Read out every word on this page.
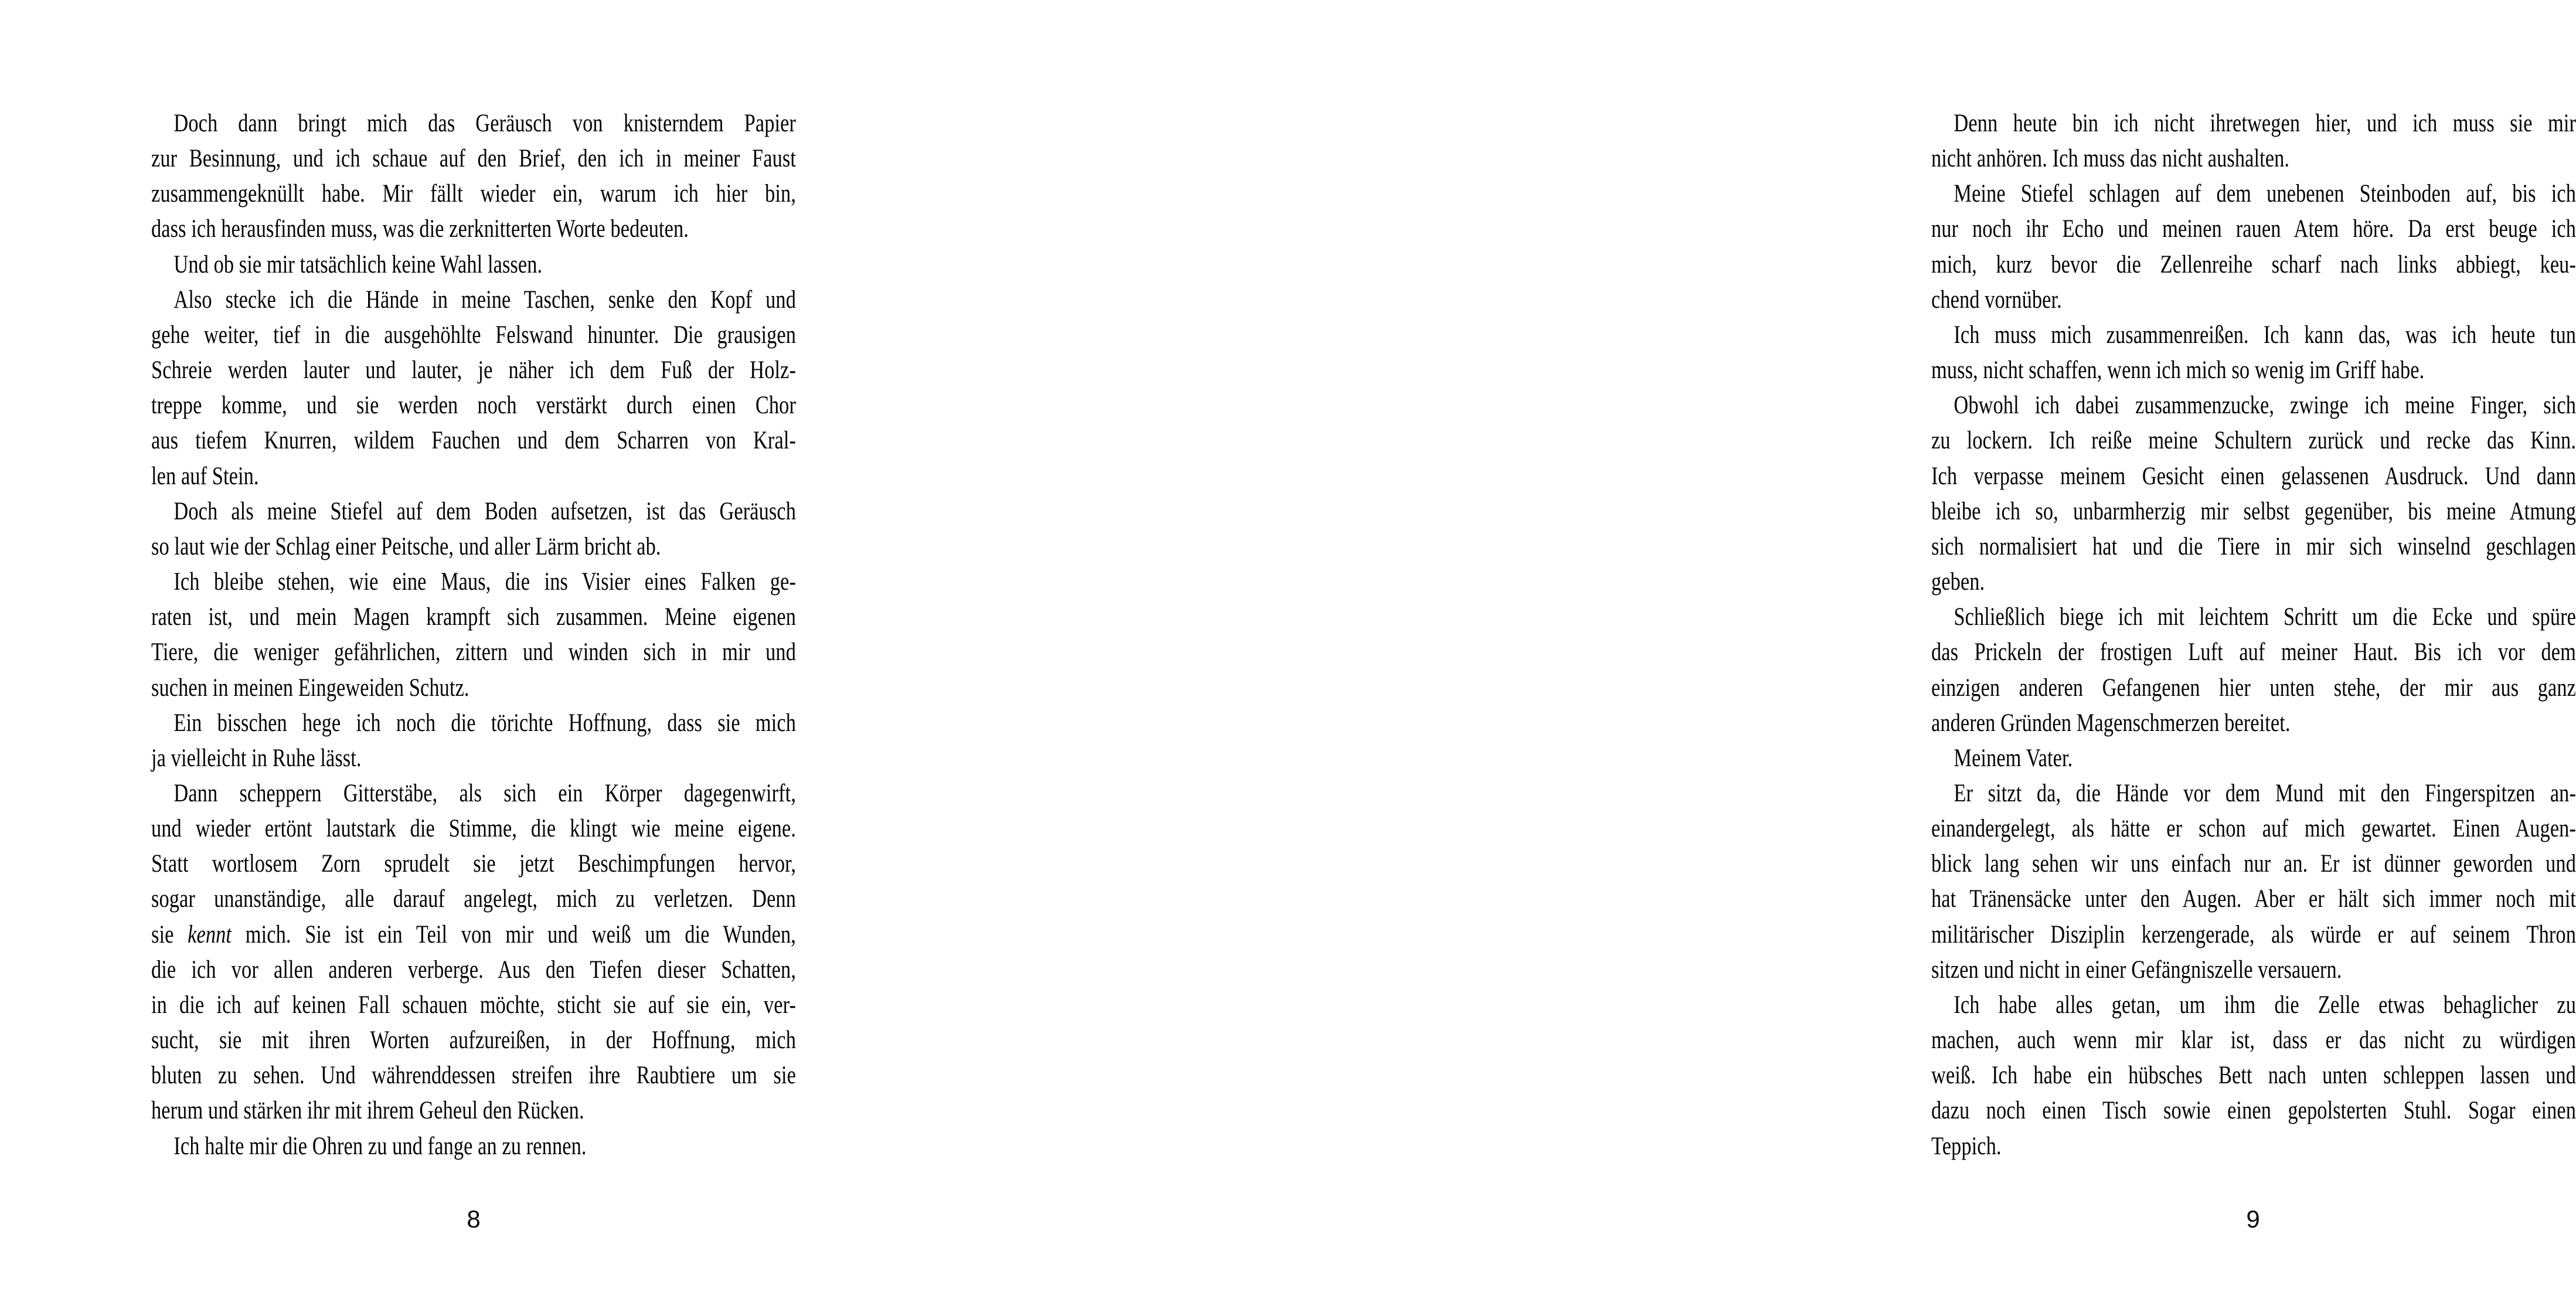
Doch dann bringt mich das Geräusch von knisterndem Papier
zur Besinnung, und ich schaue auf den Brief, den ich in meiner Faust
zusammengeknüllt habe. Mir fällt wieder ein, warum ich hier bin,
dass ich herausfinden muss, was die zerknitterten Worte bedeuten.
Und ob sie mir tatsächlich keine Wahl lassen.
Also stecke ich die Hände in meine Taschen, senke den Kopf und
gehe weiter, tief in die ausgehöhlte Felswand hinunter. Die grausigen
Schreie werden lauter und lauter, je näher ich dem Fuß der Holz-
treppe komme, und sie werden noch verstärkt durch einen Chor
aus tiefem Knurren, wildem Fauchen und dem Scharren von Kral-
len auf Stein.
Doch als meine Stiefel auf dem Boden aufsetzen, ist das Geräusch
so laut wie der Schlag einer Peitsche, und aller Lärm bricht ab.
Ich bleibe stehen, wie eine Maus, die ins Visier eines Falken ge-
raten ist, und mein Magen krampft sich zusammen. Meine eigenen
Tiere, die weniger gefährlichen, zittern und winden sich in mir und
suchen in meinen Eingeweiden Schutz.
Ein bisschen hege ich noch die törichte Hoffnung, dass sie mich
ja vielleicht in Ruhe lässt.
Dann scheppern Gitterstäbe, als sich ein Körper dagegenwirft,
und wieder ertönt lautstark die Stimme, die klingt wie meine eigene.
Statt wortlosem Zorn sprudelt sie jetzt Beschimpfungen hervor,
sogar unanständige, alle darauf angelegt, mich zu verletzen. Denn
sie kennt mich. Sie ist ein Teil von mir und weiß um die Wunden,
die ich vor allen anderen verberge. Aus den Tiefen dieser Schatten,
in die ich auf keinen Fall schauen möchte, sticht sie auf sie ein, ver-
sucht, sie mit ihren Worten aufzureißen, in der Hoffnung, mich
bluten zu sehen. Und währenddessen streifen ihre Raubtiere um sie
herum und stärken ihr mit ihrem Geheul den Rücken.
Ich halte mir die Ohren zu und fange an zu rennen.
8
Denn heute bin ich nicht ihretwegen hier, und ich muss sie mir
nicht anhören. Ich muss das nicht aushalten.
Meine Stiefel schlagen auf dem unebenen Steinboden auf, bis ich
nur noch ihr Echo und meinen rauen Atem höre. Da erst beuge ich
mich, kurz bevor die Zellenreihe scharf nach links abbiegt, keu-
chend vornüber.
Ich muss mich zusammenreißen. Ich kann das, was ich heute tun
muss, nicht schaffen, wenn ich mich so wenig im Griff habe.
Obwohl ich dabei zusammenzucke, zwinge ich meine Finger, sich
zu lockern. Ich reiße meine Schultern zurück und recke das Kinn.
Ich verpasse meinem Gesicht einen gelassenen Ausdruck. Und dann
bleibe ich so, unbarmherzig mir selbst gegenüber, bis meine Atmung
sich normalisiert hat und die Tiere in mir sich winselnd geschlagen
geben.
Schließlich biege ich mit leichtem Schritt um die Ecke und spüre
das Prickeln der frostigen Luft auf meiner Haut. Bis ich vor dem
einzigen anderen Gefangenen hier unten stehe, der mir aus ganz
anderen Gründen Magenschmerzen bereitet.
Meinem Vater.
Er sitzt da, die Hände vor dem Mund mit den Fingerspitzen an-
einandergelegt, als hätte er schon auf mich gewartet. Einen Augen-
blick lang sehen wir uns einfach nur an. Er ist dünner geworden und
hat Tränensäcke unter den Augen. Aber er hält sich immer noch mit
militärischer Disziplin kerzengerade, als würde er auf seinem Thron
sitzen und nicht in einer Gefängniszelle versauern.
Ich habe alles getan, um ihm die Zelle etwas behaglicher zu
machen, auch wenn mir klar ist, dass er das nicht zu würdigen
weiß. Ich habe ein hübsches Bett nach unten schleppen lassen und
dazu noch einen Tisch sowie einen gepolsterten Stuhl. Sogar einen
Teppich.
9
